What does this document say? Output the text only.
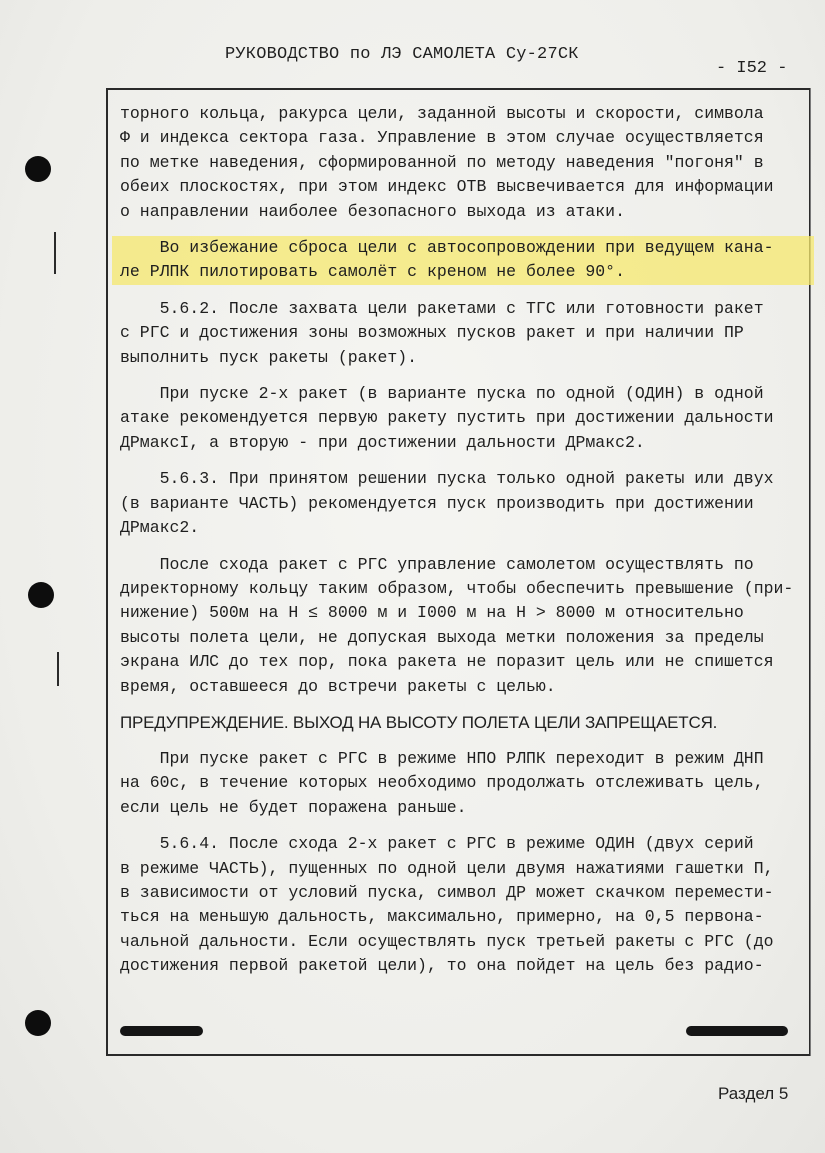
РУКОВОДСТВО по ЛЭ САМОЛЕТА Су-27СК
- I52 -
торного кольца, ракурса цели, заданной высоты и скорости, символа
Ф и индекса сектора газа. Управление в этом случае осуществляется
по метке наведения, сформированной по методу наведения "погоня" в
обеих плоскостях, при этом индекс ОТВ высвечивается для информации
о направлении наиболее безопасного выхода из атаки.
Во избежание сброса цели с автосопровождении при ведущем кана-
ле РЛПК пилотировать самолёт с креном не более 90°.
5.6.2. После захвата цели ракетами с ТГС или готовности ракет
с РГС и достижения зоны возможных пусков ракет и при наличии ПР
выполнить пуск ракеты (ракет).
При пуске 2-х ракет (в варианте пуска по одной (ОДИН) в одной
атаке рекомендуется первую ракету пустить при достижении дальности
ДРмаксI, а вторую - при достижении дальности ДРмакс2.
5.6.3. При принятом решении пуска только одной ракеты или двух
(в варианте ЧАСТЬ) рекомендуется пуск производить при достижении
ДРмакс2.
После схода ракет с РГС управление самолетом осуществлять по
директорному кольцу таким образом, чтобы обеспечить превышение (при-
нижение) 500м на Н ≤ 8000 м и I000 м на Н > 8000 м относительно
высоты полета цели, не допуская выхода метки положения за пределы
экрана ИЛС до тех пор, пока ракета не поразит цель или не спишется
время, оставшееся до встречи ракеты с целью.
ПРЕДУПРЕЖДЕНИЕ. ВЫХОД НА ВЫСОТУ ПОЛЕТА ЦЕЛИ ЗАПРЕЩАЕТСЯ.
При пуске ракет с РГС в режиме НПО РЛПК переходит в режим ДНП
на 60с, в течение которых необходимо продолжать отслеживать цель,
если цель не будет поражена раньше.
5.6.4. После схода 2-х ракет с РГС в режиме ОДИН (двух серий
в режиме ЧАСТЬ), пущенных по одной цели двумя нажатиями гашетки П,
в зависимости от условий пуска, символ ДР может скачком перемести-
ться на меньшую дальность, максимально, примерно, на 0,5 первона-
чальной дальности. Если осуществлять пуск третьей ракеты с РГС (до
достижения первой ракетой цели), то она пойдет на цель без радио-
Раздел 5
